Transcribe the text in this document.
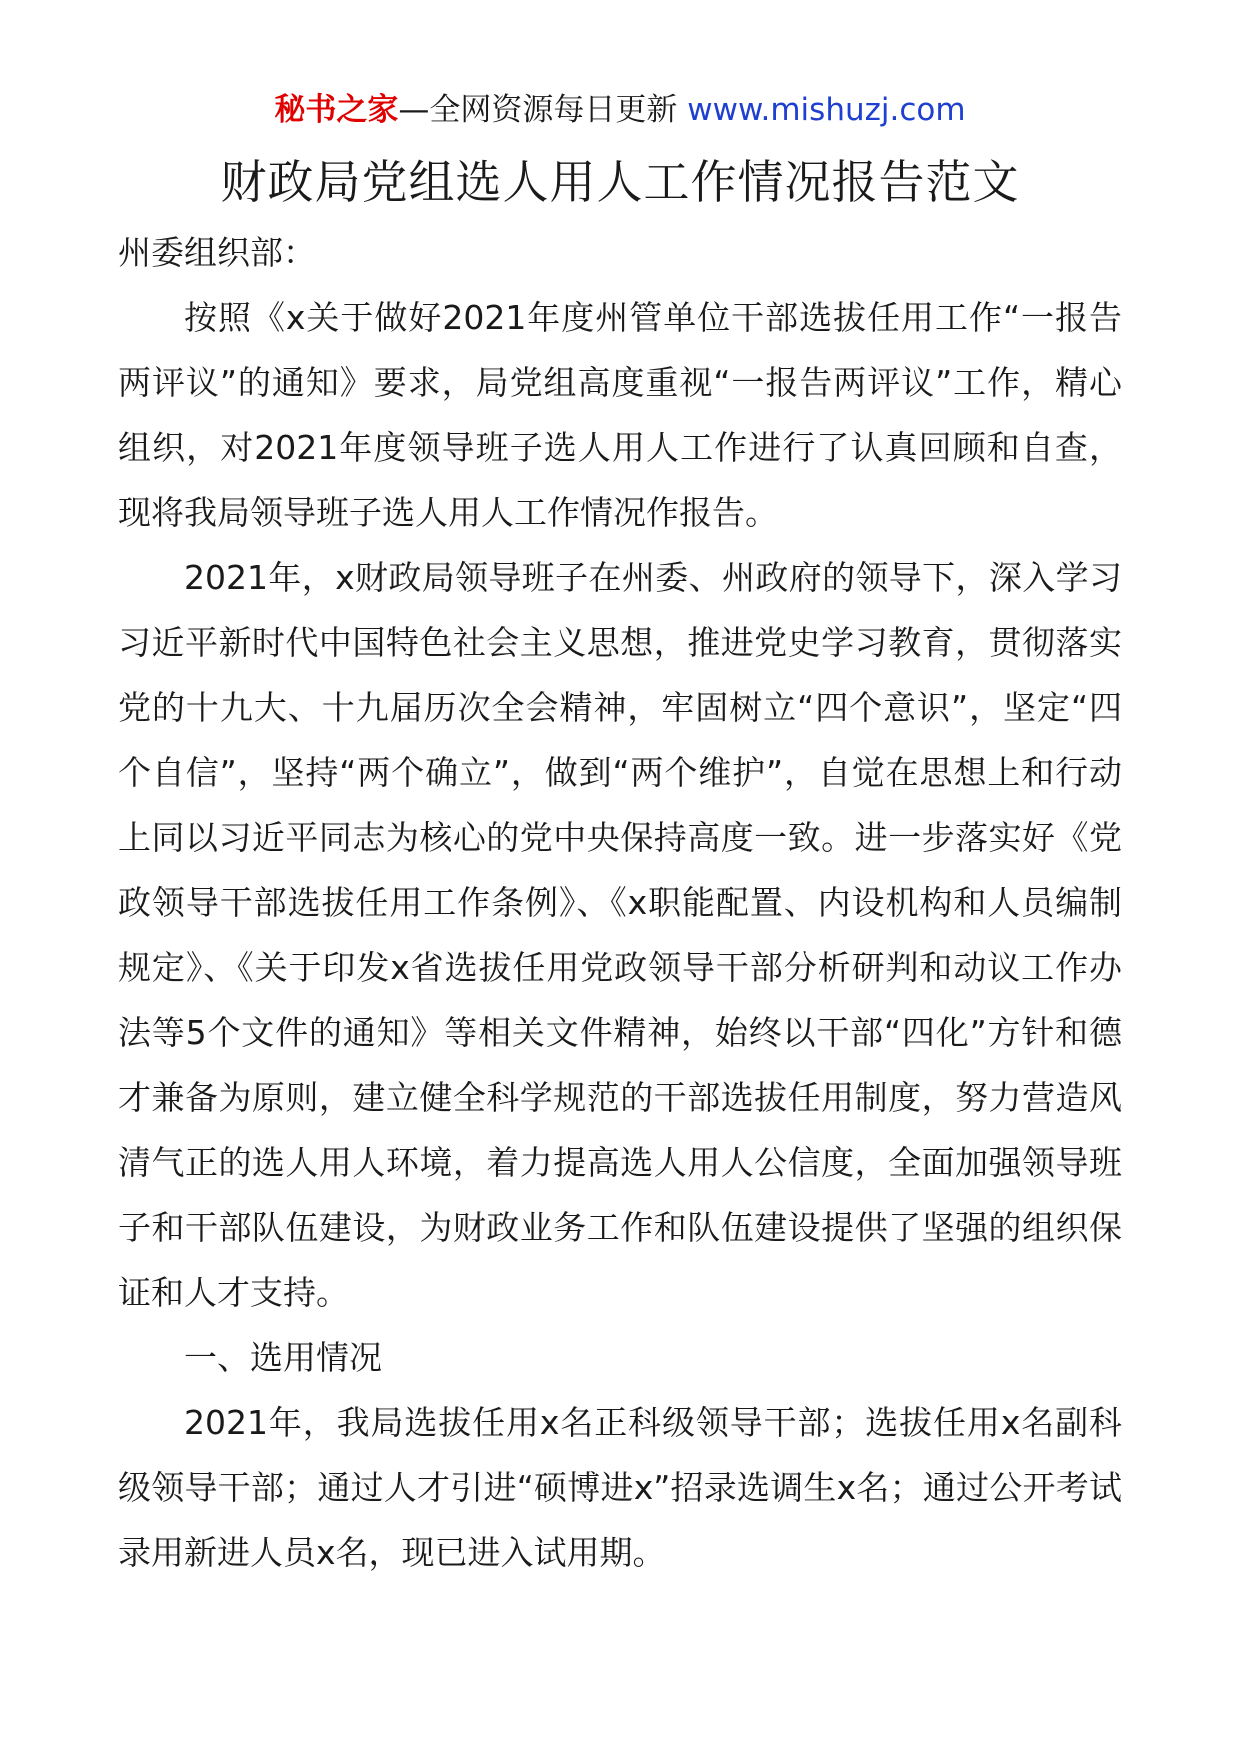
秘书之家—全网资源每日更新 www.mishuzj.com
财政局党组选人用人工作情况报告范文

州委组织部：

按照《x关于做好2021年度州管单位干部选拔任用工作“一报告两评议”的通知》要求，局党组高度重视“一报告两评议”工作，精心组织，对2021年度领导班子选人用人工作进行了认真回顾和自查，现将我局领导班子选人用人工作情况作报告。

2021年，x财政局领导班子在州委、州政府的领导下，深入学习习近平新时代中国特色社会主义思想，推进党史学习教育，贯彻落实党的十九大、十九届历次全会精神，牢固树立“四个意识”，坚定“四个自信”，坚持“两个确立”，做到“两个维护”，自觉在思想上和行动上同以习近平同志为核心的党中央保持高度一致。进一步落实好《党政领导干部选拔任用工作条例》、《x职能配置、内设机构和人员编制规定》、《关于印发x省选拔任用党政领导干部分析研判和动议工作办法等5个文件的通知》等相关文件精神，始终以干部“四化”方针和德才兼备为原则，建立健全科学规范的干部选拔任用制度，努力营造风清气正的选人用人环境，着力提高选人用人公信度，全面加强领导班子和干部队伍建设，为财政业务工作和队伍建设提供了坚强的组织保证和人才支持。

一、选用情况

2021年，我局选拔任用x名正科级领导干部；选拔任用x名副科级领导干部；通过人才引进“硕博进x”招录选调生x名；通过公开考试录用新进人员x名，现已进入试用期。
